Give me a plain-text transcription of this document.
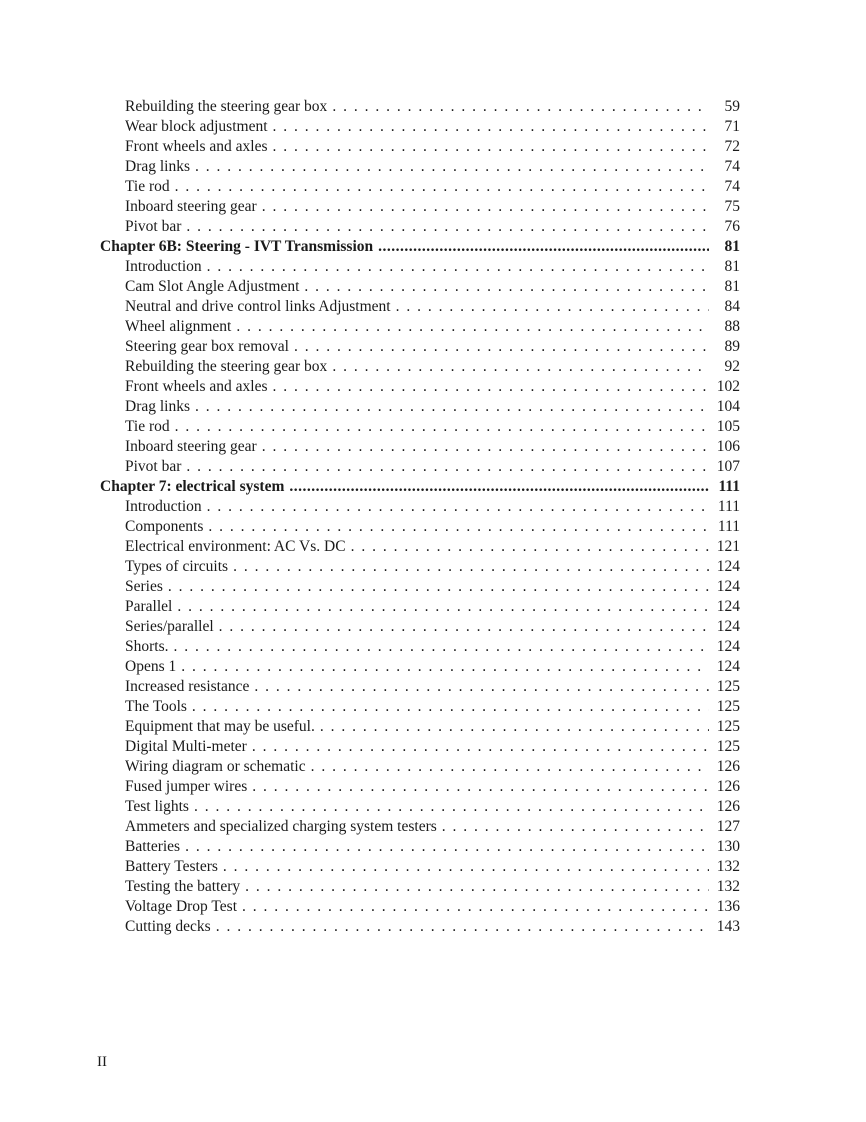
Rebuilding the steering gear box . . .	59
Wear block adjustment . . .	71
Front wheels and axles . . .	72
Drag links . . .	74
Tie rod . . .	74
Inboard steering gear . . .	75
Pivot bar . . .	76
Chapter 6B: Steering - IVT Transmission .....	81
Introduction . . .	81
Cam Slot Angle Adjustment . . .	81
Neutral and drive control links Adjustment . . .	84
Wheel alignment . . .	88
Steering gear box removal . . .	89
Rebuilding the steering gear box . . .	92
Front wheels and axles . . .	102
Drag links . . .	104
Tie rod . . .	105
Inboard steering gear . . .	106
Pivot bar . . .	107
Chapter 7: electrical system .....	111
Introduction . . .	111
Components . . .	111
Electrical environment: AC Vs. DC . . .	121
Types of circuits . . .	124
Series . . .	124
Parallel . . .	124
Series/parallel . . .	124
Shorts. . . .	124
Opens 1 . . .	124
Increased resistance . . .	125
The Tools . . .	125
Equipment that may be useful. . . .	125
Digital Multi-meter . . .	125
Wiring diagram or schematic . . .	126
Fused jumper wires . . .	126
Test lights . . .	126
Ammeters and specialized charging system testers . . .	127
Batteries . . .	130
Battery Testers . . .	132
Testing the battery . . .	132
Voltage Drop Test . . .	136
Cutting decks . . .	143
II
